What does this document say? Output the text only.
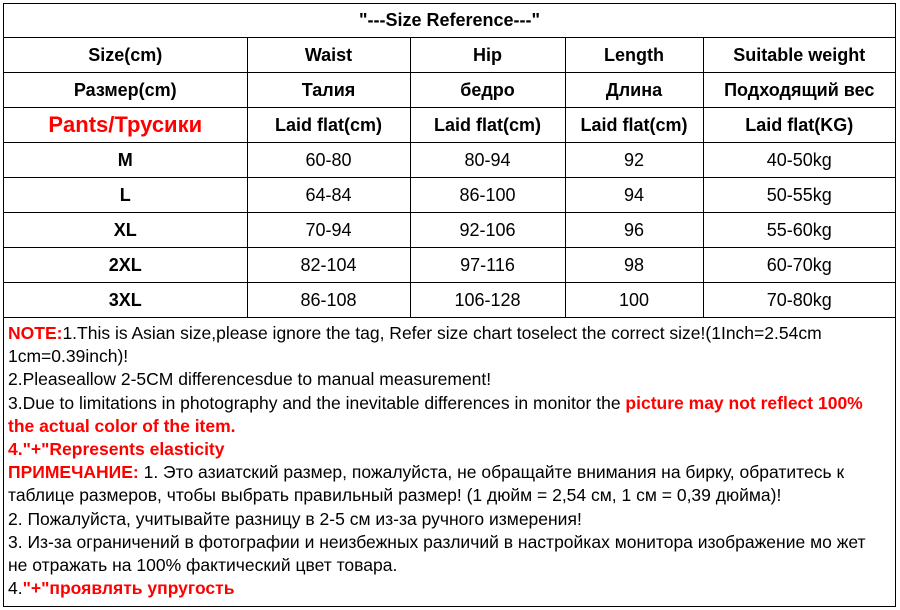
"---Size Reference---"				
Size(cm)	Waist	Hip	Length	Suitable weight
Размер(cm)	Талия	бедро	Длина	Подходящий вес
Pants/Трусики	Laid flat(cm)	Laid flat(cm)	Laid flat(cm)	Laid flat(KG)
M	60-80	80-94	92	40-50kg
L	64-84	86-100	94	50-55kg
XL	70-94	92-106	96	55-60kg
2XL	82-104	97-116	98	60-70kg
3XL	86-108	106-128	100	70-80kg

NOTE:1.This is Asian size,please ignore the tag, Refer size chart toselect the correct size!(1Inch=2.54cm 1cm=0.39inch)!

2.Pleaseallow 2-5CM differencesdue to manual measurement!

3.Due to limitations in photography and the inevitable differences in monitor the picture may not reflect 100% the actual color of the item.

4."+"Represents elasticity

ПРИМЕЧАНИЕ: 1. Это азиатский размер, пожалуйста, не обращайте внимания на бирку, обратитесь к таблице размеров, чтобы выбрать правильный размер! (1 дюйм = 2,54 см, 1 см = 0,39 дюйма)!

2. Пожалуйста, учитывайте разницу в 2-5 см из-за ручного измерения!

3. Из-за ограничений в фотографии и неизбежных различий в настройках монитора изображение мо жет не отражать на 100% фактический цвет товара.

4."+"проявлять упругость
